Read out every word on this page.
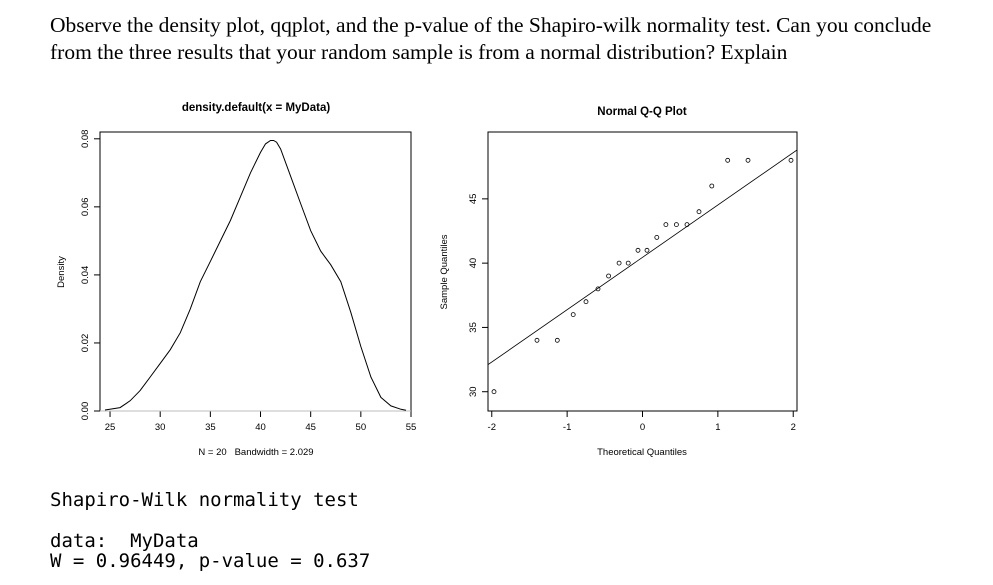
Observe the density plot, qqplot, and the p-value of the Shapiro-wilk normality test. Can you conclude

from the three results that your random sample is from a normal distribution? Explain

density.default(x = MyData)
N = 20   Bandwidth = 2.029
Density
25	30	35	40	45	50	55
0.00
0.02
0.04
0.06
0.08
Normal Q-Q Plot
Theoretical Quantiles
Sample Quantiles
-2	-1	0	1	2
30
35
40
45
Shapiro-Wilk normality test
data:  MyData
W = 0.96449, p-value = 0.637
